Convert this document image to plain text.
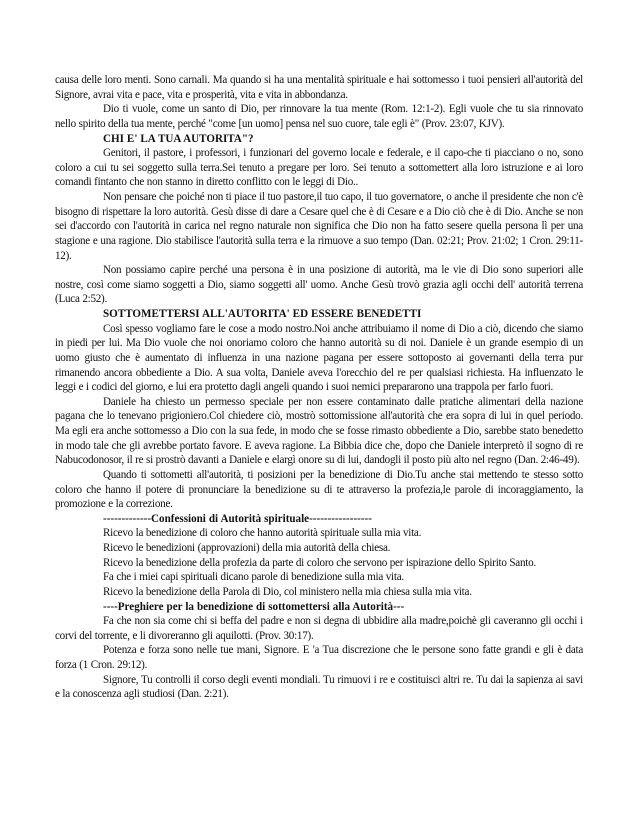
causa delle loro menti. Sono carnali. Ma quando si ha una mentalità spirituale e hai sottomesso i tuoi pensieri all'autorità del Signore, avrai vita e pace, vita e prosperità, vita e vita in abbondanza.

Dio ti vuole, come un santo di Dio, per rinnovare la tua mente (Rom. 12:1-2). Egli vuole che tu sia rinnovato nello spirito della tua mente, perché "come [un uomo] pensa nel suo cuore, tale egli è" (Prov. 23:07, KJV).

CHI E' LA TUA AUTORITA"?

Genitori, il pastore, i professori, i funzionari del governo locale e federale, e il capo-che ti piacciano o no, sono coloro a cui tu sei soggetto sulla terra.Sei tenuto a pregare per loro. Sei tenuto a sottomettert alla loro istruzione e ai loro comandi fintanto che non stanno in diretto conflitto con le leggi di Dio..

Non pensare che poiché non ti piace il tuo pastore,il tuo capo, il tuo governatore, o anche il presidente che non c'è bisogno di rispettare la loro autorità. Gesù disse di dare a Cesare quel che è di Cesare e a Dio ciò che è di Dio. Anche se non sei d'accordo con l'autorità in carica nel regno naturale non significa che Dio non ha fatto sesere quella persona lì per una stagione e una ragione. Dio stabilisce l'autorità sulla terra e la rimuove a suo tempo (Dan. 02:21; Prov. 21:02; 1 Cron. 29:11-12).

Non possiamo capire perché una persona è in una posizione di autorità, ma le vie di Dio sono superiori alle nostre, così come siamo soggetti a Dio, siamo soggetti all' uomo. Anche Gesù trovò grazia agli occhi dell' autorità terrena (Luca 2:52).

SOTTOMETTERSI ALL'AUTORITA' ED ESSERE BENEDETTI

Così spesso vogliamo fare le cose a modo nostro.Noi anche attribuiamo il nome di Dio a ciò, dicendo che siamo in piedi per lui. Ma Dio vuole che noi onoriamo coloro che hanno autorità su di noi. Daniele è un grande esempio di un uomo giusto che è aumentato di influenza in una nazione pagana per essere sottoposto ai governanti della terra pur rimanendo ancora obbediente a Dio. A sua volta, Daniele aveva l'orecchio del re per qualsiasi richiesta. Ha influenzato le leggi e i codici del giorno, e lui era protetto dagli angeli quando i suoi nemici prepararono una trappola per farlo fuori.

Daniele ha chiesto un permesso speciale per non essere contaminato dalle pratiche alimentari della nazione pagana che lo tenevano prigioniero.Col chiedere ciò, mostrò sottomissione all'autorità che era sopra di lui in quel periodo. Ma egli era anche sottomesso a Dio con la sua fede, in modo che se fosse rimasto obbediente a Dio, sarebbe stato benedetto in modo tale che gli avrebbe portato favore. E aveva ragione. La Bibbia dice che, dopo che Daniele interpretò il sogno di re Nabucodonosor, il re si prostrò davanti a Daniele e elargì onore su di lui, dandogli il posto più alto nel regno (Dan. 2:46-49).

Quando ti sottometti all'autorità, ti posizioni per la benedizione di Dio.Tu anche stai mettendo te stesso sotto coloro che hanno il potere di pronunciare la benedizione su di te attraverso la profezia,le parole di incoraggiamento, la promozione e la correzione.

-------------Confessioni di Autorità spirituale-----------------

Ricevo la benedizione di coloro che hanno autorità spirituale sulla mia vita.

Ricevo le benedizioni (approvazioni) della mia autorità della chiesa.

Ricevo la benedizione della profezia da parte di coloro che servono per ispirazione dello Spirito Santo.

Fa che i miei capi spirituali dicano parole di benedizione sulla mia vita.

Ricevo la benedizione della Parola di Dio, col ministero nella mia chiesa sulla mia vita.

----Preghiere per la benedizione di sottomettersi alla Autorità---

Fa che non sia come chi si beffa del padre e non si degna di ubbidire alla madre,poichè gli caveranno gli occhi i corvi del torrente, e li divoreranno gli aquilotti. (Prov. 30:17).

Potenza e forza sono nelle tue mani, Signore. E 'a Tua discrezione che le persone sono fatte grandi e gli è data forza (1 Cron. 29:12).

Signore, Tu controlli il corso degli eventi mondiali. Tu rimuovi i re e costituisci altri re. Tu dai la sapienza ai savi e la conoscenza agli studiosi (Dan. 2:21).
